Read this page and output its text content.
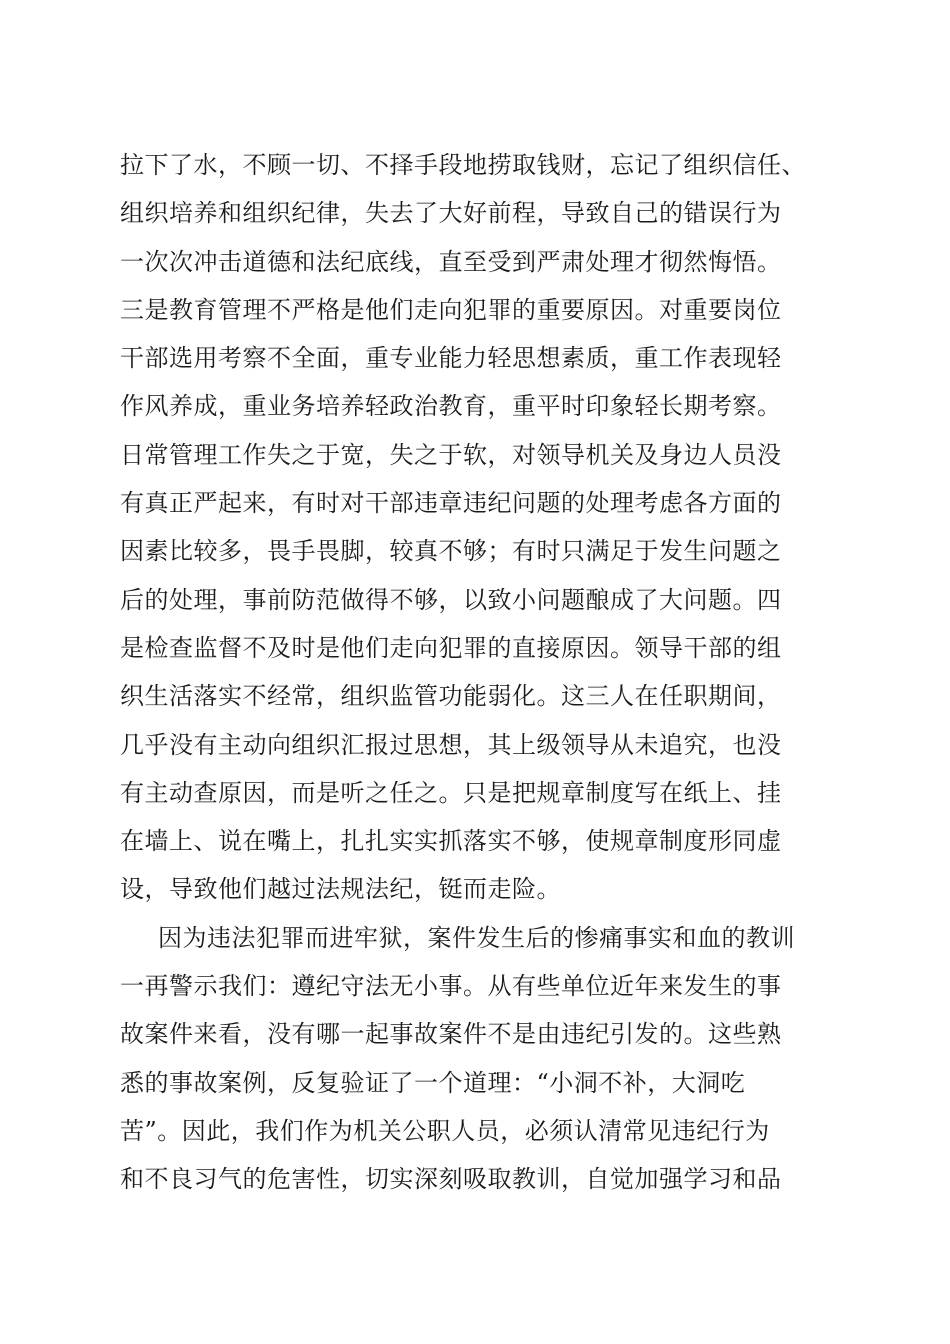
拉下了水，不顾一切、不择手段地捞取钱财，忘记了组织信任、
组织培养和组织纪律，失去了大好前程，导致自己的错误行为
一次次冲击道德和法纪底线，直至受到严肃处理才彻然悔悟。
三是教育管理不严格是他们走向犯罪的重要原因。对重要岗位
干部选用考察不全面，重专业能力轻思想素质，重工作表现轻
作风养成，重业务培养轻政治教育，重平时印象轻长期考察。
日常管理工作失之于宽，失之于软，对领导机关及身边人员没
有真正严起来，有时对干部违章违纪问题的处理考虑各方面的
因素比较多，畏手畏脚，较真不够；有时只满足于发生问题之
后的处理，事前防范做得不够，以致小问题酿成了大问题。四
是检查监督不及时是他们走向犯罪的直接原因。领导干部的组
织生活落实不经常，组织监管功能弱化。这三人在任职期间，
几乎没有主动向组织汇报过思想，其上级领导从未追究，也没
有主动查原因，而是听之任之。只是把规章制度写在纸上、挂
在墙上、说在嘴上，扎扎实实抓落实不够，使规章制度形同虚
设，导致他们越过法规法纪，铤而走险。
因为违法犯罪而进牢狱，案件发生后的惨痛事实和血的教训
一再警示我们：遵纪守法无小事。从有些单位近年来发生的事
故案件来看，没有哪一起事故案件不是由违纪引发的。这些熟
悉的事故案例，反复验证了一个道理：“小洞不补，大洞吃
苦”。因此，我们作为机关公职人员，必须认清常见违纪行为
和不良习气的危害性，切实深刻吸取教训，自觉加强学习和品
